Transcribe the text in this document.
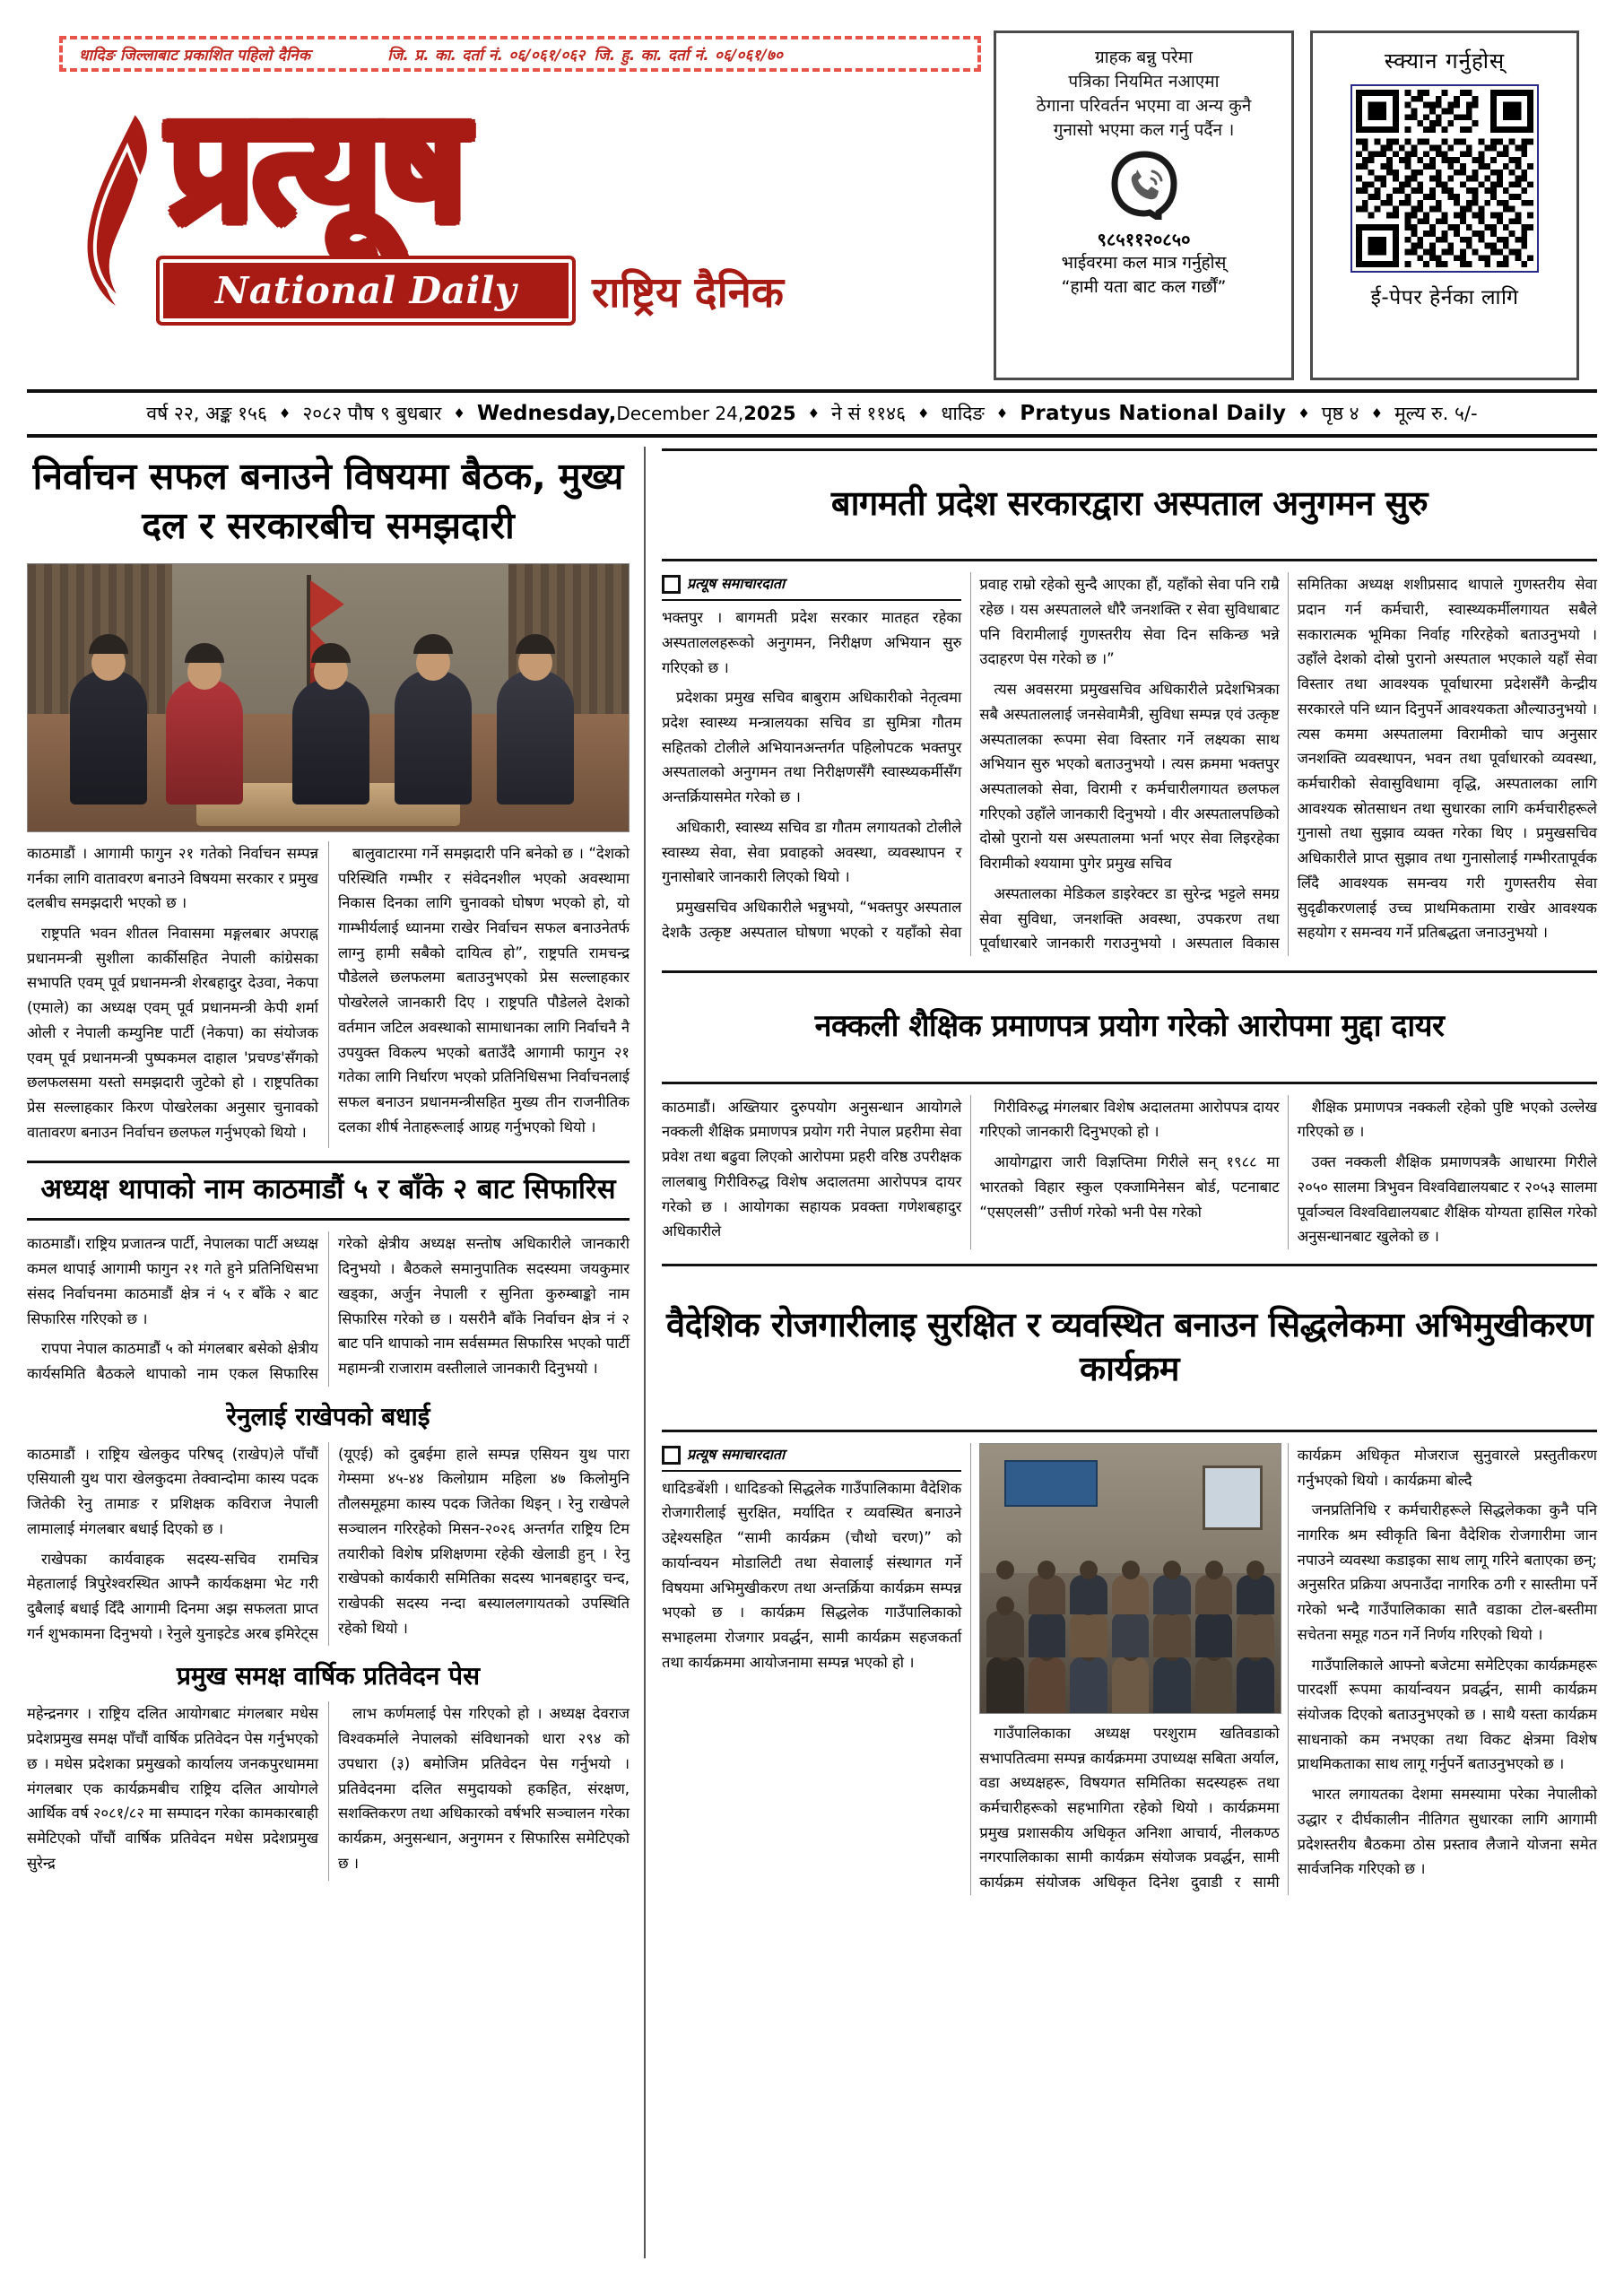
धादिङ जिल्लाबाट प्रकाशित पहिलो दैनिक	जि. प्र. का. दर्ता नं. ०६/०६१/०६२ जि. हु. का. दर्ता नं. ०६/०६१/७०
प्रत्यूष
National Daily राष्ट्रिय दैनिक
ग्राहक बन्नु परेमा
पत्रिका नियमित नआएमा
ठेगाना परिवर्तन भएमा वा अन्य कुनै
गुनासो भएमा कल गर्नु पर्दैन ।
९८५११२०८५०
भाईवरमा कल मात्र गर्नुहोस्
“हामी यता बाट कल गर्छौं”
स्क्यान गर्नुहोस्
ई-पेपर हेर्नका लागि
वर्ष २२, अङ्क १५६ ♦ २०८२ पौष ९ बुधबार ♦ Wednesday, December 24, 2025 ♦ ने सं ११४६ ♦ धादिङ ♦ Pratyus National Daily ♦ पृष्ठ ४ ♦ मूल्य रु. ५/-
निर्वाचन सफल बनाउने विषयमा बैठक, मुख्य दल र सरकारबीच समझदारी

काठमाडौं । आगामी फागुन २१ गतेको निर्वाचन सम्पन्न गर्नका लागि वातावरण बनाउने विषयमा सरकार र प्रमुख दलबीच समझदारी भएको छ ।

राष्ट्रपति भवन शीतल निवासमा मङ्गलबार अपराह्न प्रधानमन्त्री सुशीला कार्कीसहित नेपाली कांग्रेसका सभापति एवम् पूर्व प्रधानमन्त्री शेरबहादुर देउवा, नेकपा (एमाले) का अध्यक्ष एवम् पूर्व प्रधानमन्त्री केपी शर्मा ओली र नेपाली कम्युनिष्ट पार्टी (नेकपा) का संयोजक एवम् पूर्व प्रधानमन्त्री पुष्पकमल दाहाल 'प्रचण्ड'सँगको छलफलसमा यस्तो समझदारी जुटेको हो । राष्ट्रपतिका प्रेस सल्लाहकार किरण पोखरेलका अनुसार चुनावको वातावरण बनाउन निर्वाचन छलफल गर्नुभएको थियो ।

बालुवाटारमा गर्ने समझदारी पनि बनेको छ । “देशको परिस्थिति गम्भीर र संवेदनशील भएको अवस्थामा निकास दिनका लागि चुनावको घोषण भएको हो, यो गाम्भीर्यलाई ध्यानमा राखेर निर्वाचन सफल बनाउनेतर्फ लाग्नु हामी सबैको दायित्व हो”, राष्ट्रपति रामचन्द्र पौडेलले छलफलमा बताउनुभएको प्रेस सल्लाहकार पोखरेलले जानकारी दिए । राष्ट्रपति पौडेलले देशको वर्तमान जटिल अवस्थाको सामाधानका लागि निर्वाचनै नै उपयुक्त विकल्प भएको बताउँदै आगामी फागुन २१ गतेका लागि निर्धारण भएको प्रतिनिधिसभा निर्वाचनलाई सफल बनाउन प्रधानमन्त्रीसहित मुख्य तीन राजनीतिक दलका शीर्ष नेताहरूलाई आग्रह गर्नुभएको थियो ।

अध्यक्ष थापाको नाम काठमाडौं ५ र बाँके २ बाट सिफारिस

काठमाडौं। राष्ट्रिय प्रजातन्त्र पार्टी, नेपालका पार्टी अध्यक्ष कमल थापाई आगामी फागुन २१ गते हुने प्रतिनिधिसभा संसद निर्वाचनमा काठमाडौं क्षेत्र नं ५ र बाँके २ बाट सिफारिस गरिएको छ ।

रापपा नेपाल काठमाडौं ५ को मंगलबार बसेको क्षेत्रीय कार्यसमिति बैठकले थापाको नाम एकल सिफारिस गरेको क्षेत्रीय अध्यक्ष सन्तोष अधिकारीले जानकारी दिनुभयो । बैठकले समानुपातिक सदस्यमा जयकुमार खड्का, अर्जुन नेपाली र सुनिता कुरुम्बाङ्को नाम सिफारिस गरेको छ । यसरीनै बाँके निर्वाचन क्षेत्र नं २ बाट पनि थापाको नाम सर्वसम्मत सिफारिस भएको पार्टी महामन्त्री राजाराम वस्तीलाले जानकारी दिनुभयो ।

रेनुलाई राखेपको बधाई

काठमाडौं । राष्ट्रिय खेलकुद परिषद् (राखेप)ले पाँचौं एसियाली युथ पारा खेलकुदमा तेक्वान्दोमा कास्य पदक जितेकी रेनु तामाङ र प्रशिक्षक कविराज नेपाली लामालाई मंगलबार बधाई दिएको छ ।

राखेपका कार्यवाहक सदस्य-सचिव रामचित्र मेहतालाई त्रिपुरेश्वरस्थित आफ्नै कार्यकक्षमा भेट गरी दुबैलाई बधाई दिँदै आगामी दिनमा अझ सफलता प्राप्त गर्न शुभकामना दिनुभयो । रेनुले युनाइटेड अरब इमिरेट्स (यूएई) को दुबईमा हाले सम्पन्न एसियन युथ पारा गेम्समा ४५-४४ किलोग्राम महिला ४७ किलोमुनि तौलसमूहमा कास्य पदक जितेका थिइन् । रेनु राखेपले सञ्चालन गरिरहेको मिसन-२०२६ अन्तर्गत राष्ट्रिय टिम तयारीको विशेष प्रशिक्षणमा रहेकी खेलाडी हुन् । रेनु राखेपको कार्यकारी समितिका सदस्य भानबहादुर चन्द, राखेपकी सदस्य नन्दा बस्याललगायतको उपस्थिति रहेको थियो ।

प्रमुख समक्ष वार्षिक प्रतिवेदन पेस

महेन्द्रनगर । राष्ट्रिय दलित आयोगबाट मंगलबार मधेस प्रदेशप्रमुख समक्ष पाँचौं वार्षिक प्रतिवेदन पेस गर्नुभएको छ । मधेस प्रदेशका प्रमुखको कार्यालय जनकपुरधाममा मंगलबार एक कार्यक्रमबीच राष्ट्रिय दलित आयोगले आर्थिक वर्ष २०८१/८२ मा सम्पादन गरेका कामकारबाही समेटिएको पाँचौं वार्षिक प्रतिवेदन मधेस प्रदेशप्रमुख सुरेन्द्र

लाभ कर्णमलाई पेस गरिएको हो । अध्यक्ष देवराज विश्वकर्माले नेपालको संविधानको धारा २९४ को उपधारा (३) बमोजिम प्रतिवेदन पेस गर्नुभयो । प्रतिवेदनमा दलित समुदायको हकहित, संरक्षण, सशक्तिकरण तथा अधिकारको वर्षभरि सञ्चालन गरेका कार्यक्रम, अनुसन्धान, अनुगमन र सिफारिस समेटिएको छ ।

बागमती प्रदेश सरकारद्वारा अस्पताल अनुगमन सुरु
प्रत्यूष समाचारदाता

भक्तपुर । बागमती प्रदेश सरकार मातहत रहेका अस्पताललहरूको अनुगमन, निरीक्षण अभियान सुरु गरिएको छ ।

प्रदेशका प्रमुख सचिव बाबुराम अधिकारीको नेतृत्वमा प्रदेश स्वास्थ्य मन्त्रालयका सचिव डा सुमित्रा गौतम सहितको टोलीले अभियानअन्तर्गत पहिलोपटक भक्तपुर अस्पतालको अनुगमन तथा निरीक्षणसँगै स्वास्थ्यकर्मीसँग अन्तर्क्रियासमेत गरेको छ ।

अधिकारी, स्वास्थ्य सचिव डा गौतम लगायतको टोलीले स्वास्थ्य सेवा, सेवा प्रवाहको अवस्था, व्यवस्थापन र गुनासोबारे जानकारी लिएको थियो ।

प्रमुखसचिव अधिकारीले भन्नुभयो, “भक्तपुर अस्पताल देशकै उत्कृष्ट अस्पताल घोषणा भएको र यहाँको सेवा प्रवाह राम्रो रहेको सुन्दै आएका हौं, यहाँको सेवा पनि राम्रै रहेछ । यस अस्पतालले धौरै जनशक्ति र सेवा सुविधाबाट पनि विरामीलाई गुणस्तरीय सेवा दिन सकिन्छ भन्ने उदाहरण पेस गरेको छ ।”

त्यस अवसरमा प्रमुखसचिव अधिकारीले प्रदेशभित्रका सबै अस्पताललाई जनसेवामैत्री, सुविधा सम्पन्न एवं उत्कृष्ट अस्पतालका रूपमा सेवा विस्तार गर्ने लक्ष्यका साथ अभियान सुरु भएको बताउनुभयो । त्यस क्रममा भक्तपुर अस्पतालको सेवा, विरामी र कर्मचारीलगायत छलफल गरिएको उहाँले जानकारी दिनुभयो । वीर अस्पतालपछिको दोस्रो पुरानो यस अस्पतालमा भर्ना भएर सेवा लिइरहेका विरामीको श्ययामा पुगेर प्रमुख सचिव

अस्पतालका मेडिकल डाइरेक्टर डा सुरेन्द्र भट्टले समग्र सेवा सुविधा, जनशक्ति अवस्था, उपकरण तथा पूर्वाधारबारे जानकारी गराउनुभयो । अस्पताल विकास समितिका अध्यक्ष शशीप्रसाद थापाले गुणस्तरीय सेवा प्रदान गर्न कर्मचारी, स्वास्थ्यकर्मीलगायत सबैले सकारात्मक भूमिका निर्वाह गरिरहेको बताउनुभयो । उहाँले देशको दोस्रो पुरानो अस्पताल भएकाले यहाँ सेवा विस्तार तथा आवश्यक पूर्वाधारमा प्रदेशसँगै केन्द्रीय सरकारले पनि ध्यान दिनुपर्ने आवश्यकता औल्याउनुभयो । त्यस कममा अस्पतालमा विरामीको चाप अनुसार जनशक्ति व्यवस्थापन, भवन तथा पूर्वाधारको व्यवस्था, कर्मचारीको सेवासुविधामा वृद्धि, अस्पतालका लागि आवश्यक स्रोतसाधन तथा सुधारका लागि कर्मचारीहरूले गुनासो तथा सुझाव व्यक्त गरेका थिए । प्रमुखसचिव अधिकारीले प्राप्त सुझाव तथा गुनासोलाई गम्भीरतापूर्वक लिँदै आवश्यक समन्वय गरी गुणस्तरीय सेवा सुदृढीकरणलाई उच्च प्राथमिकतामा राखेर आवश्यक सहयोग र समन्वय गर्ने प्रतिबद्धता जनाउनुभयो ।

नक्कली शैक्षिक प्रमाणपत्र प्रयोग गरेको आरोपमा मुद्दा दायर

काठमाडौं। अख्तियार दुरुपयोग अनुसन्धान आयोगले नक्कली शैक्षिक प्रमाणपत्र प्रयोग गरी नेपाल प्रहरीमा सेवा प्रवेश तथा बढुवा लिएको आरोपमा प्रहरी वरिष्ठ उपरीक्षक लालबाबु गिरीविरुद्ध विशेष अदालतमा आरोपपत्र दायर गरेको छ । आयोगका सहायक प्रवक्ता गणेशबहादुर अधिकारीले

गिरीविरुद्ध मंगलबार विशेष अदालतमा आरोपपत्र दायर गरिएको जानकारी दिनुभएको हो ।

आयोगद्वारा जारी विज्ञप्तिमा गिरीले सन् १९८८ मा भारतको विहार स्कुल एक्जामिनेसन बोर्ड, पटनाबाट “एसएलसी” उत्तीर्ण गरेको भनी पेस गरेको

शैक्षिक प्रमाणपत्र नक्कली रहेको पुष्टि भएको उल्लेख गरिएको छ ।

उक्त नक्कली शैक्षिक प्रमाणपत्रकै आधारमा गिरीले २०५० सालमा त्रिभुवन विश्वविद्यालयबाट र २०५३ सालमा पूर्वाञ्चल विश्वविद्यालयबाट शैक्षिक योग्यता हासिल गरेको अनुसन्धानबाट खुलेको छ ।

वैदेशिक रोजगारीलाइ सुरक्षित र व्यवस्थित बनाउन सिद्धलेकमा अभिमुखीकरण कार्यक्रम
प्रत्यूष समाचारदाता

धादिङबेंशी । धादिङको सिद्धलेक गाउँपालिकामा वैदेशिक रोजगारीलाई सुरक्षित, मर्यादित र व्यवस्थित बनाउने उद्देश्यसहित “सामी कार्यक्रम (चौथो चरण)” को कार्यान्वयन मोडालिटी तथा सेवालाई संस्थागत गर्ने विषयमा अभिमुखीकरण तथा अन्तर्क्रिया कार्यक्रम सम्पन्न भएको छ । कार्यक्रम सिद्धलेक गाउँपालिकाको सभाहलमा रोजगार प्रवर्द्धन, सामी कार्यक्रम सहजकर्ता तथा कार्यक्रममा आयोजनामा सम्पन्न भएको हो ।

गाउँपालिकाका अध्यक्ष परशुराम खतिवडाको सभापतित्वमा सम्पन्न कार्यक्रममा उपाध्यक्ष सबिता अर्याल, वडा अध्यक्षहरू, विषयगत समितिका सदस्यहरू तथा कर्मचारीहरूको सहभागिता रहेको थियो । कार्यक्रममा प्रमुख प्रशासकीय अधिकृत अनिशा आचार्य, नीलकण्ठ नगरपालिकाका सामी कार्यक्रम संयोजक प्रवर्द्धन, सामी कार्यक्रम संयोजक अधिकृत दिनेश दुवाडी र सामी कार्यक्रम अधिकृत मोजराज सुनुवारले प्रस्तुतीकरण गर्नुभएको थियो । कार्यक्रमा बोल्दै

जनप्रतिनिधि र कर्मचारीहरूले सिद्धलेकका कुनै पनि नागरिक श्रम स्वीकृति बिना वैदेशिक रोजगारीमा जान नपाउने व्यवस्था कडाइका साथ लागू गरिने बताएका छन्; अनुसरित प्रक्रिया अपनाउँदा नागरिक ठगी र सास्तीमा पर्ने गरेको भन्दै गाउँपालिकाका सातै वडाका टोल-बस्तीमा सचेतना समूह गठन गर्ने निर्णय गरिएको थियो ।

गाउँपालिकाले आफ्नो बजेटमा समेटिएका कार्यक्रमहरू पारदर्शी रूपमा कार्यान्वयन प्रवर्द्धन, सामी कार्यक्रम संयोजक दिएको बताउनुभएको छ । साथै यस्ता कार्यक्रम साधनाको कम नभएका तथा विकट क्षेत्रमा विशेष प्राथमिकताका साथ लागू गर्नुपर्ने बताउनुभएको छ ।

भारत लगायतका देशमा समस्यामा परेका नेपालीको उद्धार र दीर्घकालीन नीतिगत सुधारका लागि आगामी प्रदेशस्तरीय बैठकमा ठोस प्रस्ताव लैजाने योजना समेत सार्वजनिक गरिएको छ ।
